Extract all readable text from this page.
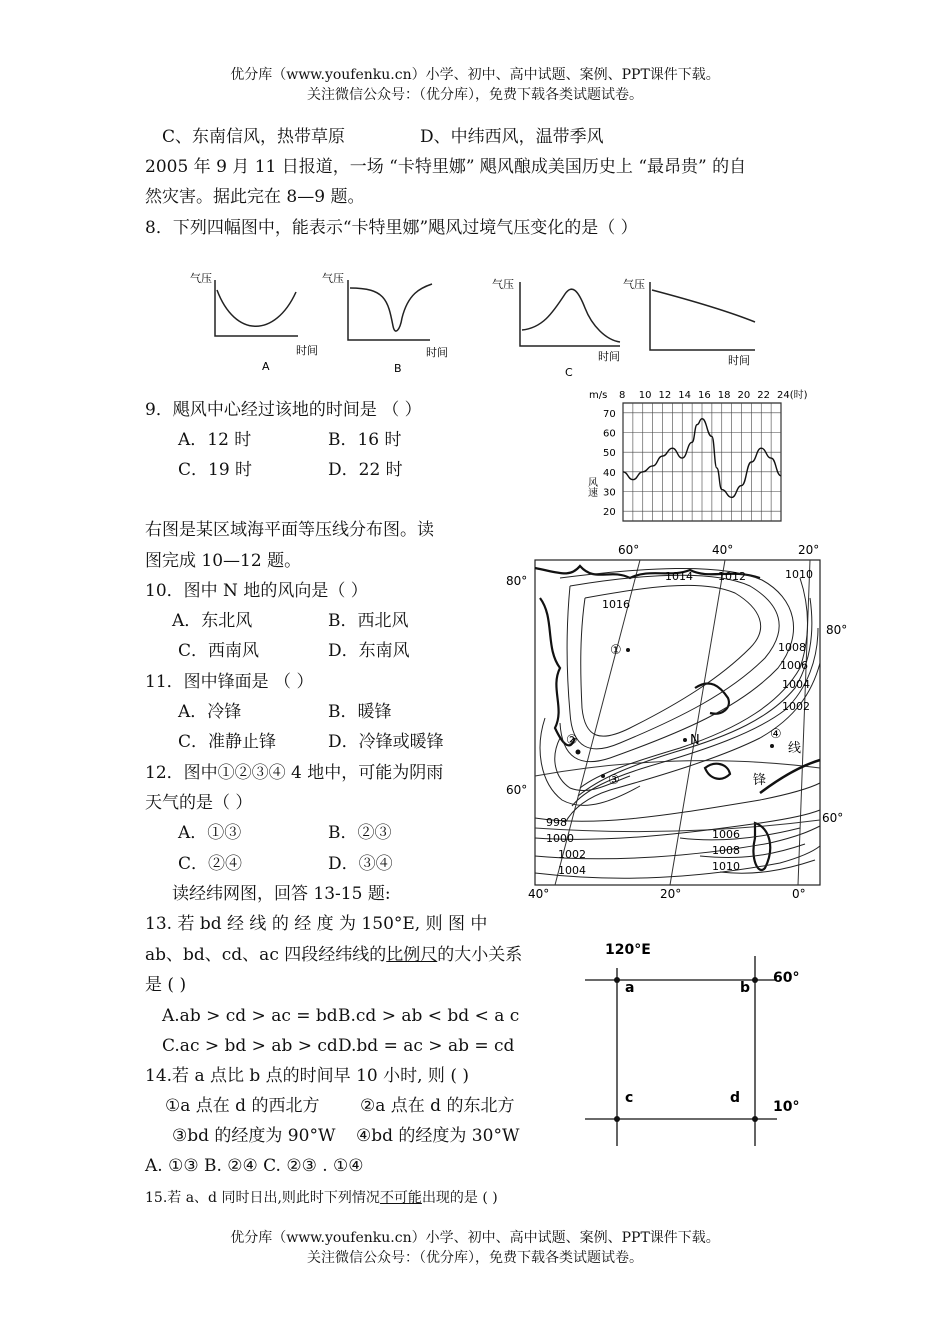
优分库（www.youfenku.cn）小学、初中、高中试题、案例、PPT课件下载。
关注微信公众号：（优分库），免费下载各类试题试卷。
C、东南信风，热带草原	D、中纬西风，温带季风
2005 年 9 月 11 日报道，一场 “卡特里娜” 飓风酿成美国历史上 “最昂贵” 的自
然灾害。据此完在 8—9 题。
8．下列四幅图中，能表示“卡特里娜”飓风过境气压变化的是（ ）
气压
时间
A
气压
时间
B
气压
时间
C
气压
时间
9．飓风中心经过该地的时间是 （ ）
A．12 时	B．16 时
C．19 时	D．22 时
70
60
50
40
30
20
8 10 12 14 16 18 20 22 24(时)
m/s
风速
右图是某区域海平面等压线分布图。读
图完成 10—12 题。
10．图中 N 地的风向是（ ）
A．东北风	B．西北风
C．西南风	D．东南风
11．图中锋面是 （ ）
A．冷锋	B．暖锋
C．准静止锋	D．冷锋或暖锋
12．图中①②③④ 4 地中，可能为阴雨
天气的是（ ）
A．①③	B．②③
C．②④	D．③④
60°	40°	20°
40°	20°	0°
80°
60°
80°
60°
1014 1012	1010
1016
1008
1006
1004
1002
998
1000
1002
1004
1006
1008
1010
①
②
③
④
N
线
锋
读经纬网图，回答 13-15 题:
13. 若 bd 经 线 的 经 度 为 150°E, 则 图 中
ab、bd、cd、ac 四段经纬线的比例尺的大小关系
是 ( )
A.ab > cd > ac = bd B.cd > ab < bd < a c
C.ac > bd > ab > cd D.bd = ac > ab = cd
14.若 a 点比 b 点的时间早 10 小时, 则 ( )
①a 点在 d 的西北方 ②a 点在 d 的东北方
③bd 的经度为 90°W ④bd 的经度为 30°W
A. ①③ B. ②④ C. ②③ . ①④
15.若 a、d 同时日出,则此时下列情况不可能出现的是 ( )
120°E
60°
10°
a	b
c	d
优分库（www.youfenku.cn）小学、初中、高中试题、案例、PPT课件下载。
关注微信公众号：（优分库），免费下载各类试题试卷。
